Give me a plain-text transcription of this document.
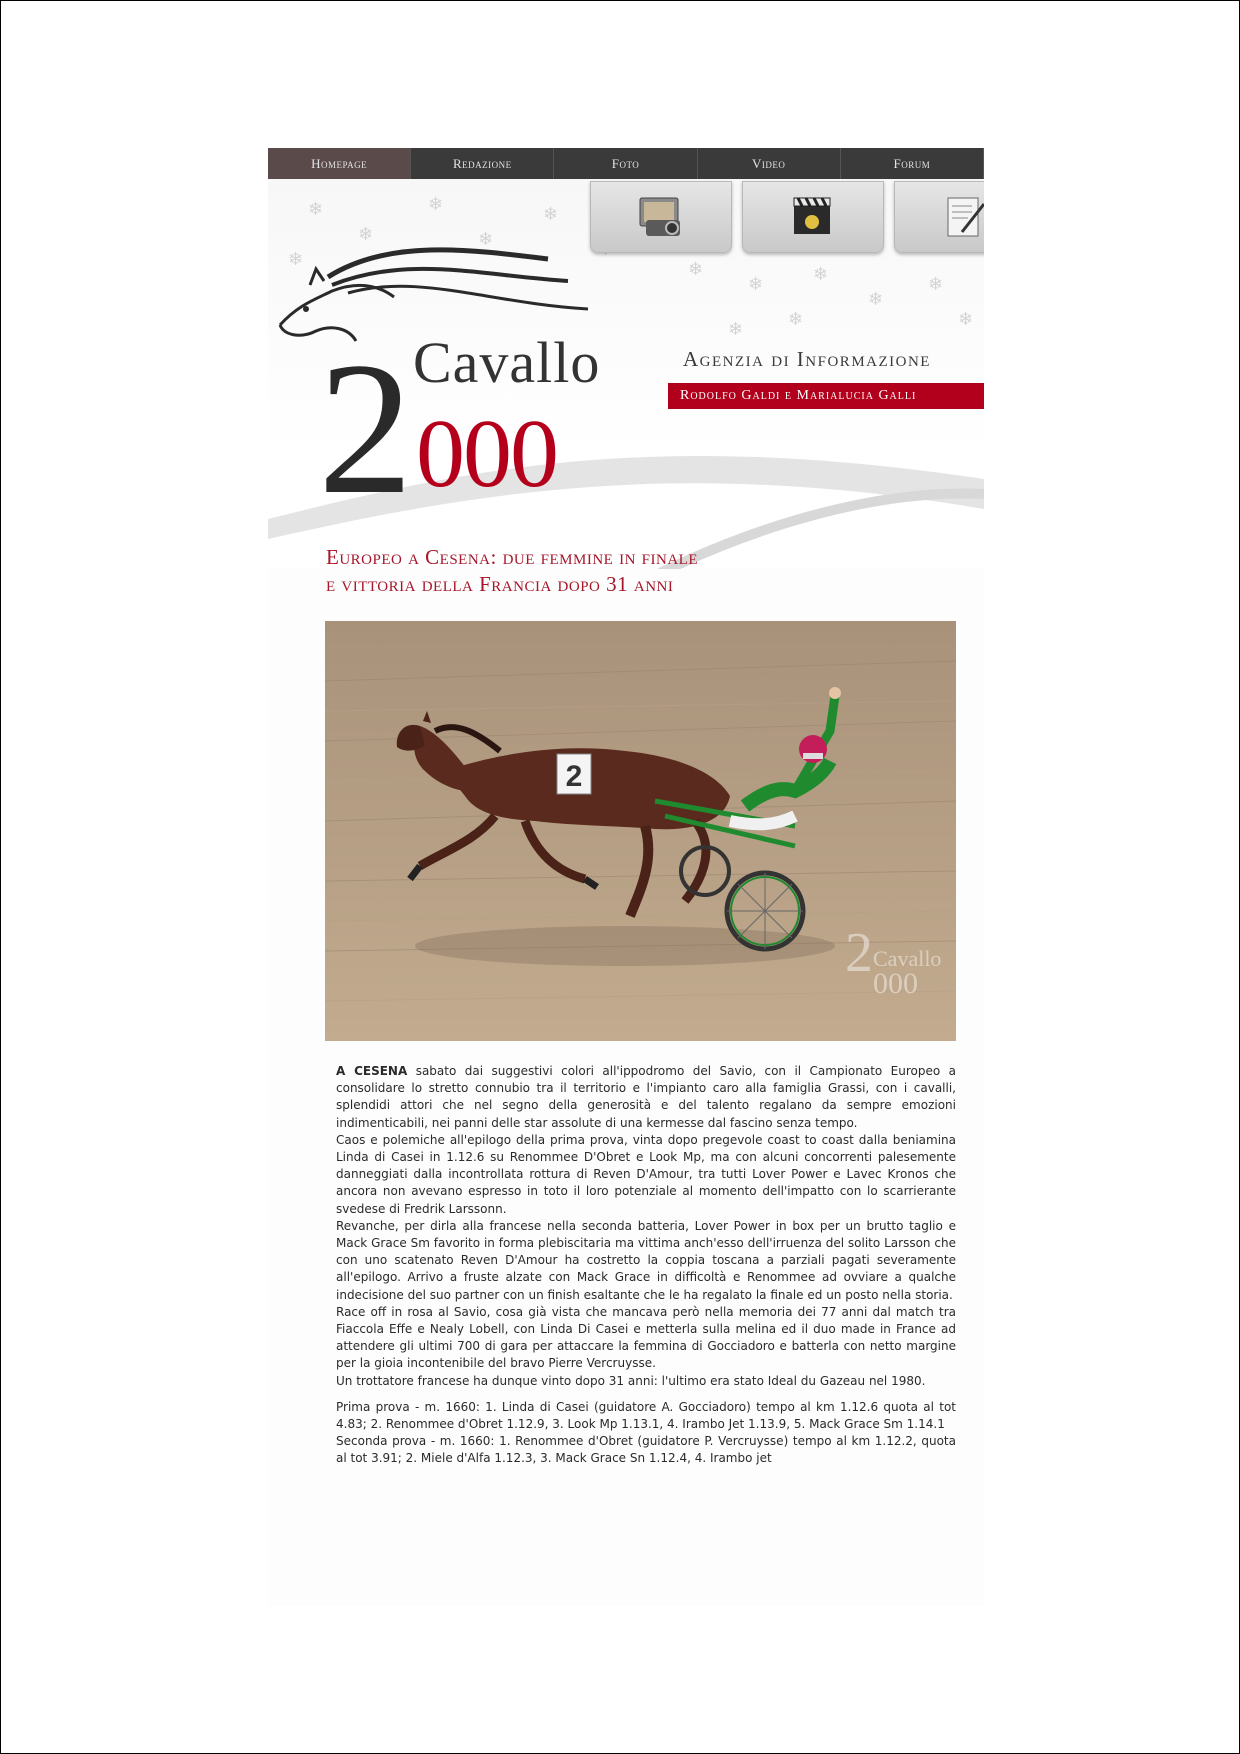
Homepage	Redazione	Foto	Video	Forum
❄
❄
❄
❄
❄
❄
❄	❄
❄
❄
❄
❄
❄
❄
2 Cavallo
000
Agenzia di Informazione
Rodolfo Galdi e Marialucia Galli
Europeo a Cesena: due femmine in finale
e vittoria della Francia dopo 31 anni
2
2 Cavallo
000

A CESENA sabato dai suggestivi colori all'ippodromo del Savio, con il Campionato Europeo a consolidare lo stretto connubio tra il territorio e l'impianto caro alla famiglia Grassi, con i cavalli, splendidi attori che nel segno della generosità e del talento regalano da sempre emozioni indimenticabili, nei panni delle star assolute di una kermesse dal fascino senza tempo.

Caos e polemiche all'epilogo della prima prova, vinta dopo pregevole coast to coast dalla beniamina Linda di Casei in 1.12.6 su Renommee D'Obret e Look Mp, ma con alcuni concorrenti palesemente danneggiati dalla incontrollata rottura di Reven D'Amour, tra tutti Lover Power e Lavec Kronos che ancora non avevano espresso in toto il loro potenziale al momento dell'impatto con lo scarrierante svedese di Fredrik Larssonn.

Revanche, per dirla alla francese nella seconda batteria, Lover Power in box per un brutto taglio e Mack Grace Sm favorito in forma plebiscitaria ma vittima anch'esso dell'irruenza del solito Larsson che con uno scatenato Reven D'Amour ha costretto la coppia toscana a parziali pagati severamente all'epilogo. Arrivo a fruste alzate con Mack Grace in difficoltà e Renommee ad ovviare a qualche indecisione del suo partner con un finish esaltante che le ha regalato la finale ed un posto nella storia.

Race off in rosa al Savio, cosa già vista che mancava però nella memoria dei 77 anni dal match tra Fiaccola Effe e Nealy Lobell, con Linda Di Casei e metterla sulla melina ed il duo made in France ad attendere gli ultimi 700 di gara per attaccare la femmina di Gocciadoro e batterla con netto margine per la gioia incontenibile del bravo Pierre Vercruysse.

Un trottatore francese ha dunque vinto dopo 31 anni: l'ultimo era stato Ideal du Gazeau nel 1980.

Prima prova - m. 1660: 1. Linda di Casei (guidatore A. Gocciadoro) tempo al km 1.12.6 quota al tot 4.83; 2. Renommee d'Obret 1.12.9, 3. Look Mp 1.13.1, 4. Irambo Jet 1.13.9, 5. Mack Grace Sm 1.14.1

Seconda prova - m. 1660: 1. Renommee d'Obret (guidatore P. Vercruysse) tempo al km 1.12.2, quota al tot 3.91; 2. Miele d'Alfa 1.12.3, 3. Mack Grace Sn 1.12.4, 4. Irambo jet
